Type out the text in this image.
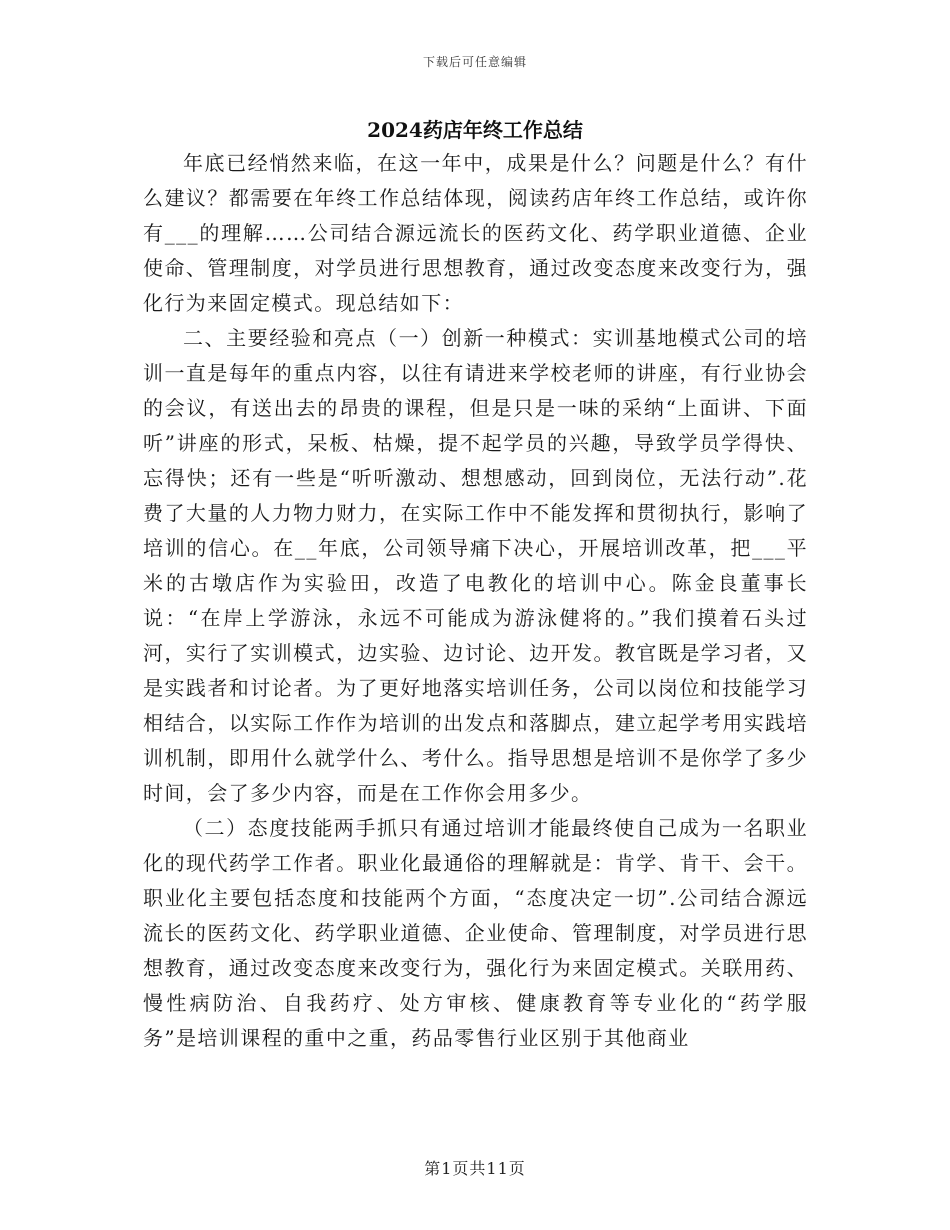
下载后可任意编辑
2024药店年终工作总结

年底已经悄然来临，在这一年中，成果是什么？问题是什么？有什么建议？都需要在年终工作总结体现，阅读药店年终工作总结，或许你有___的理解……公司结合源远流长的医药文化、药学职业道德、企业使命、管理制度，对学员进行思想教育，通过改变态度来改变行为，强化行为来固定模式。现总结如下：

二、主要经验和亮点（一）创新一种模式：实训基地模式公司的培训一直是每年的重点内容，以往有请进来学校老师的讲座，有行业协会的会议，有送出去的昂贵的课程，但是只是一味的采纳“上面讲、下面听”讲座的形式，呆板、枯燥，提不起学员的兴趣，导致学员学得快、忘得快；还有一些是“听听激动、想想感动，回到岗位，无法行动”.花费了大量的人力物力财力，在实际工作中不能发挥和贯彻执行，影响了培训的信心。在__年底，公司领导痛下决心，开展培训改革，把___平米的古墩店作为实验田，改造了电教化的培训中心。陈金良董事长说：“在岸上学游泳，永远不可能成为游泳健将的。”我们摸着石头过河，实行了实训模式，边实验、边讨论、边开发。教官既是学习者，又是实践者和讨论者。为了更好地落实培训任务，公司以岗位和技能学习相结合，以实际工作作为培训的出发点和落脚点，建立起学考用实践培训机制，即用什么就学什么、考什么。指导思想是培训不是你学了多少时间，会了多少内容，而是在工作你会用多少。

（二）态度技能两手抓只有通过培训才能最终使自己成为一名职业化的现代药学工作者。职业化最通俗的理解就是：肯学、肯干、会干。职业化主要包括态度和技能两个方面，“态度决定一切”.公司结合源远流长的医药文化、药学职业道德、企业使命、管理制度，对学员进行思想教育，通过改变态度来改变行为，强化行为来固定模式。关联用药、慢性病防治、自我药疗、处方审核、健康教育等专业化的“药学服务”是培训课程的重中之重，药品零售行业区别于其他商业

第1页共11页
